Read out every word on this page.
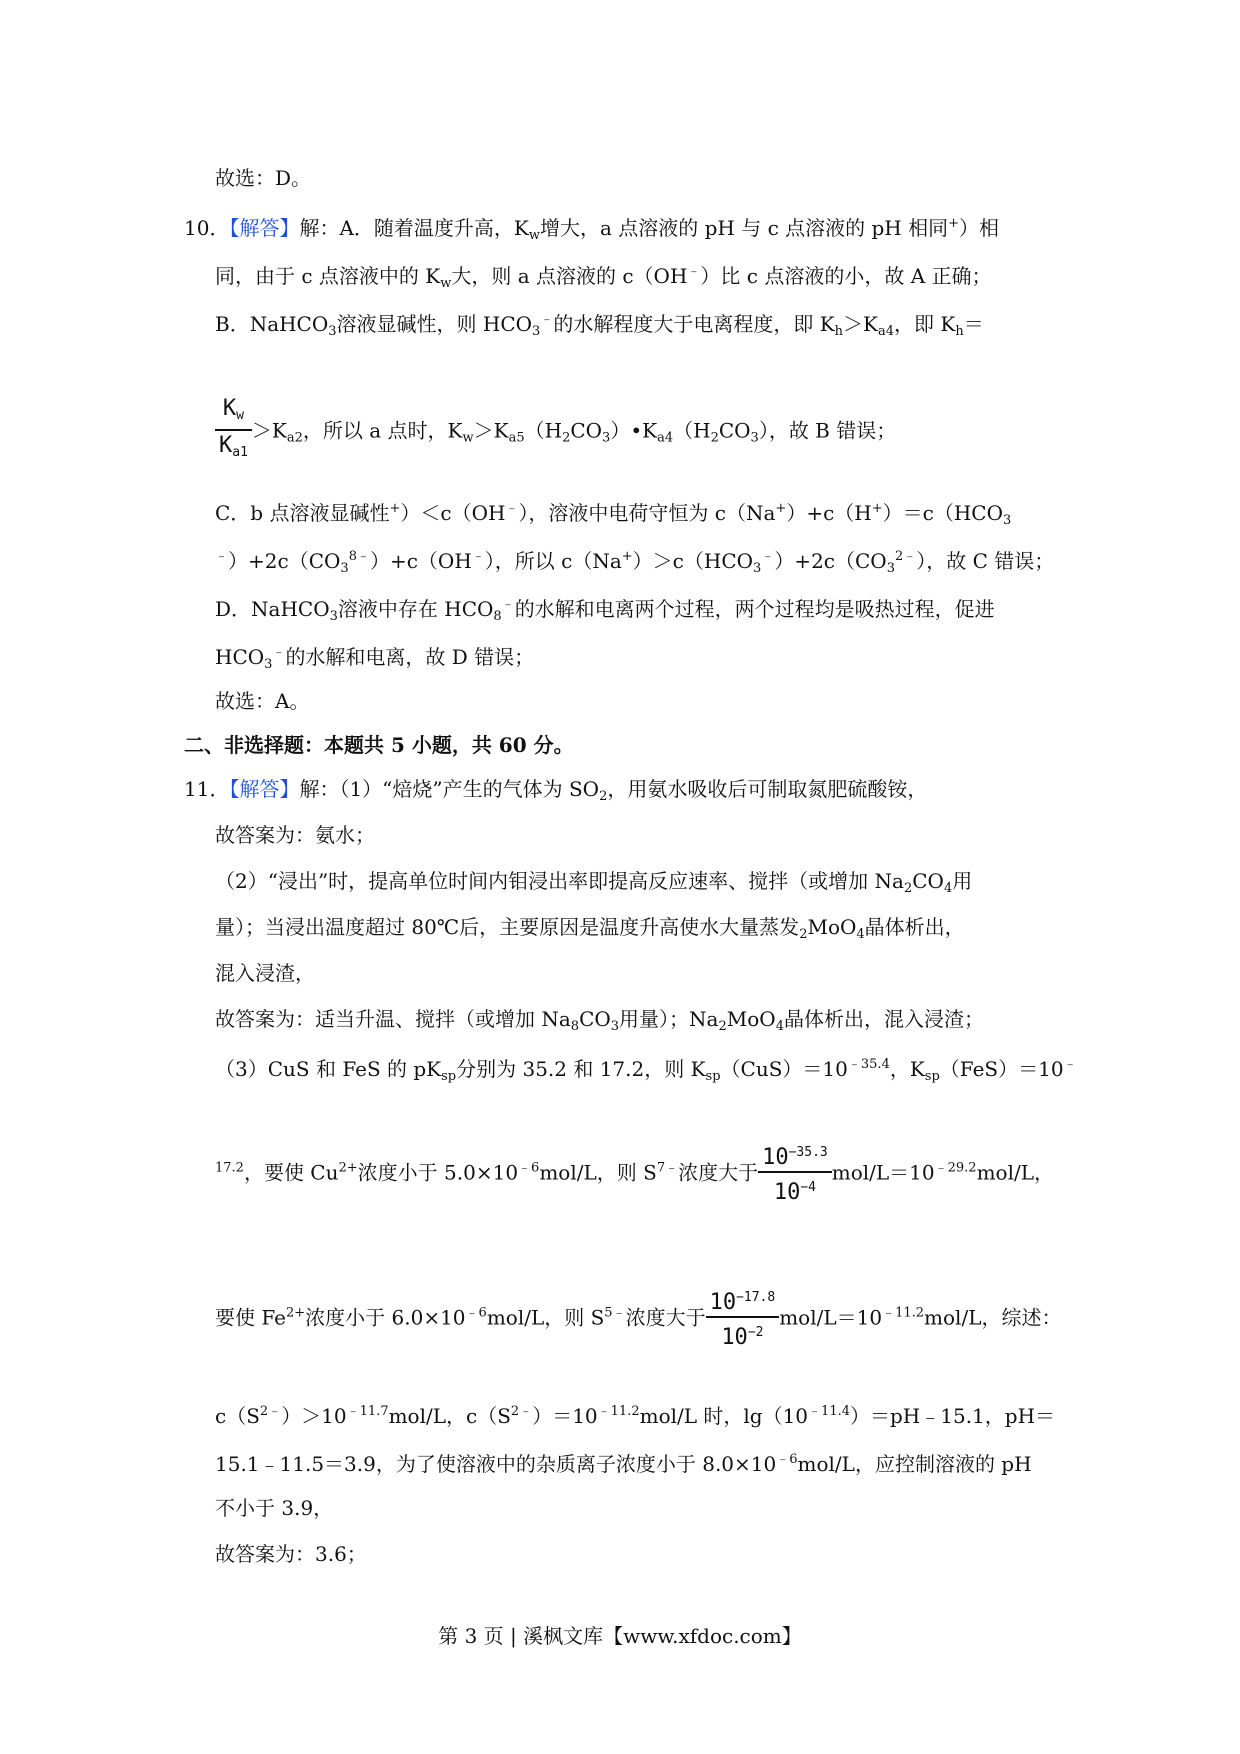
故选：D。
10．【解答】解：A．随着温度升高，$K_w$增大，a 点溶液的 pH 与 c 点溶液的 pH 相同+）相
同，由于 c 点溶液中的 $K_w$大，则 a 点溶液的 c（OH﹣）比 c 点溶液的小，故 A 正确；
B．NaHCO$_3$溶液显碱性，则 $HCO_3^﹣$的水解程度大于电离程度，即 $K_h>K_{a4}$，即 $K_h=$
$\frac{K_w}{K_{a1}} >K_{a2}$，所以 a 点时，$K_w>K_{a5}(H_2CO_3)•K_{a4}(H_2CO_3)$，故 B 错误；
C．b 点溶液显碱性+）＜c（OH﹣），溶液中电荷守恒为 $c(Na^+)+c(H^+)=c(HCO_3$
$^﹣)+2c(CO_3^{8﹣})+c(OH^﹣)$，所以 $c(Na^+)>c(HCO_3^﹣)+2c(CO_3^{2﹣})$，故 C 错误；
D．NaHCO$_3$溶液中存在 $HCO_8^﹣$的水解和电离两个过程，两个过程均是吸热过程，促进
$HCO_3^﹣$的水解和电离，故 D 错误；
故选：A。
二、非选择题：本题共 5 小题，共 60 分。
11．【解答】解：（1）“焙烧”产生的气体为 $SO_2$，用氨水吸收后可制取氮肥硫酸铵，
故答案为：氨水；
（2）“浸出”时，提高单位时间内钼浸出率即提高反应速率、搅拌（或增加 $Na_2CO_4$用
量）；当浸出温度超过 80℃后，主要原因是温度升高使水大量蒸发$_2$MoO$_4$晶体析出，
混入浸渣，
故答案为：适当升温、搅拌（或增加 $Na_8CO_3$用量）；$Na_2MoO_4$晶体析出，混入浸渣；
（3）CuS 和 FeS 的 $pK_{sp}$分别为 35.2 和 17.2，则 $K_{sp}(CuS)=10^{﹣35.4}$，$K_{sp}(FeS)=10^﹣$
$^{17.2}$，要使 $Cu^{2+}$浓度小于 $5.0\times 10^{﹣6}mol/L$，则 $S^{7﹣}$浓度大于 $\frac{10^{-35.3}}{10^{-4}} mol/L=10^{﹣29.2}mol/L$，
要使 $Fe^{2+}$浓度小于 $6.0\times 10^{﹣6}mol/L$，则 $S^{5﹣}$浓度大于 $\frac{10^{-17.8}}{10^{-2}} mol/L=10^{﹣11.2}mol/L$，综述：
$c(S^{2﹣})>10^{﹣11.7}mol/L$，$c(S^{2﹣})=10^{﹣11.2}mol/L$ 时，$\lg(10^{﹣11.4})=pH﹣15.1$，pH＝
15.1﹣11.5＝3.9，为了使溶液中的杂质离子浓度小于 $8.0\times 10^{﹣6}mol/L$，应控制溶液的 pH
不小于 3.9，
故答案为：3.6；
第 3 页 | 溪枫文库【www.xfdoc.com】
